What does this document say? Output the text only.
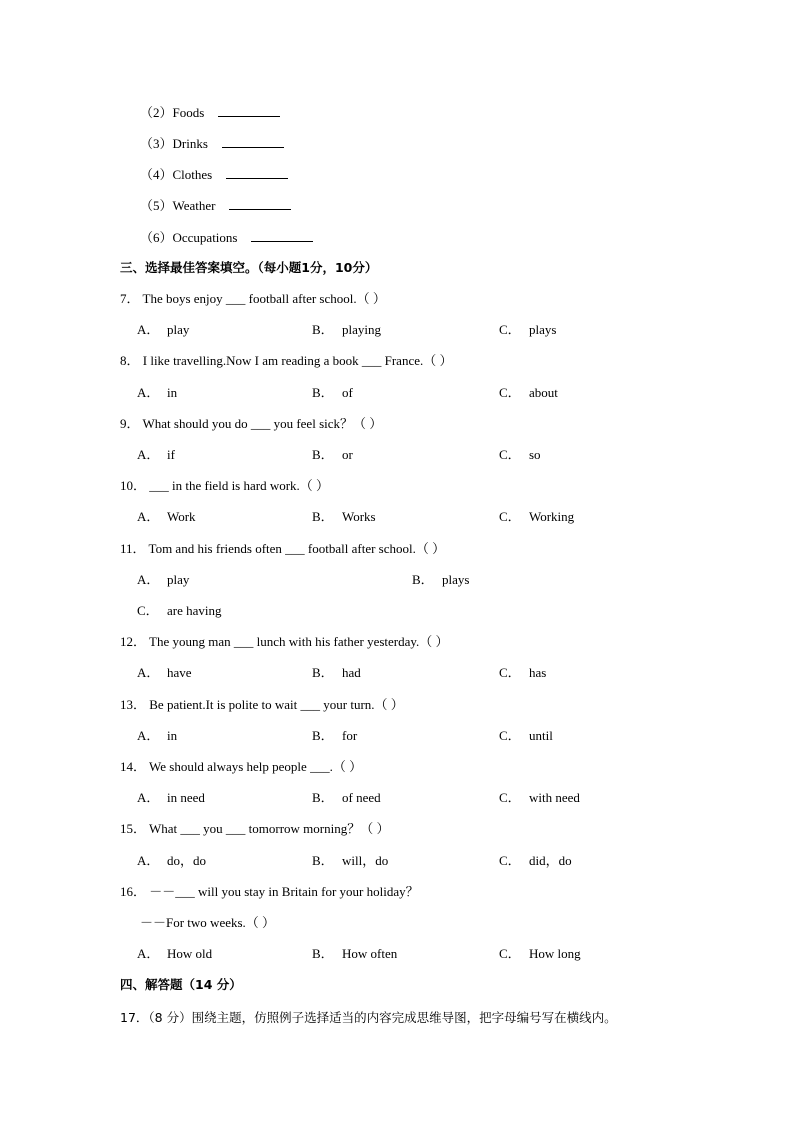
（2）Foods
（3）Drinks
（4）Clothes
（5）Weather
（6）Occupations
三、选择最佳答案填空。（每小题1分，10分）
7． The boys enjoy ___ football after school.（ ）
A． play	B． playing	C． plays
8． I like travelling.Now I am reading a book ___ France.（ ）
A． in	B． of	C． about
9． What should you do ___ you feel sick？（ ）
A． if	B． or	C． so
10． ___ in the field is hard work.（ ）
A． Work	B． Works	C． Working
11． Tom and his friends often ___ football after school.（ ）
A． play	B． plays
C． are having
12． The young man ___ lunch with his father yesterday.（ ）
A． have	B． had	C． has
13． Be patient.It is polite to wait ___ your turn.（ ）
A． in	B． for	C． until
14． We should always help people ___.（ ）
A． in need	B． of need	C． with need
15． What ___ you ___ tomorrow morning？（ ）
A． do，do	B． will，do	C． did，do
16． －－___ will you stay in Britain for your holiday？
－－For two weeks.（ ）
A． How old	B． How often	C． How long
四、解答题（14 分）
17．（8 分）围绕主题，仿照例子选择适当的内容完成思维导图，把字母编号写在横线内。
